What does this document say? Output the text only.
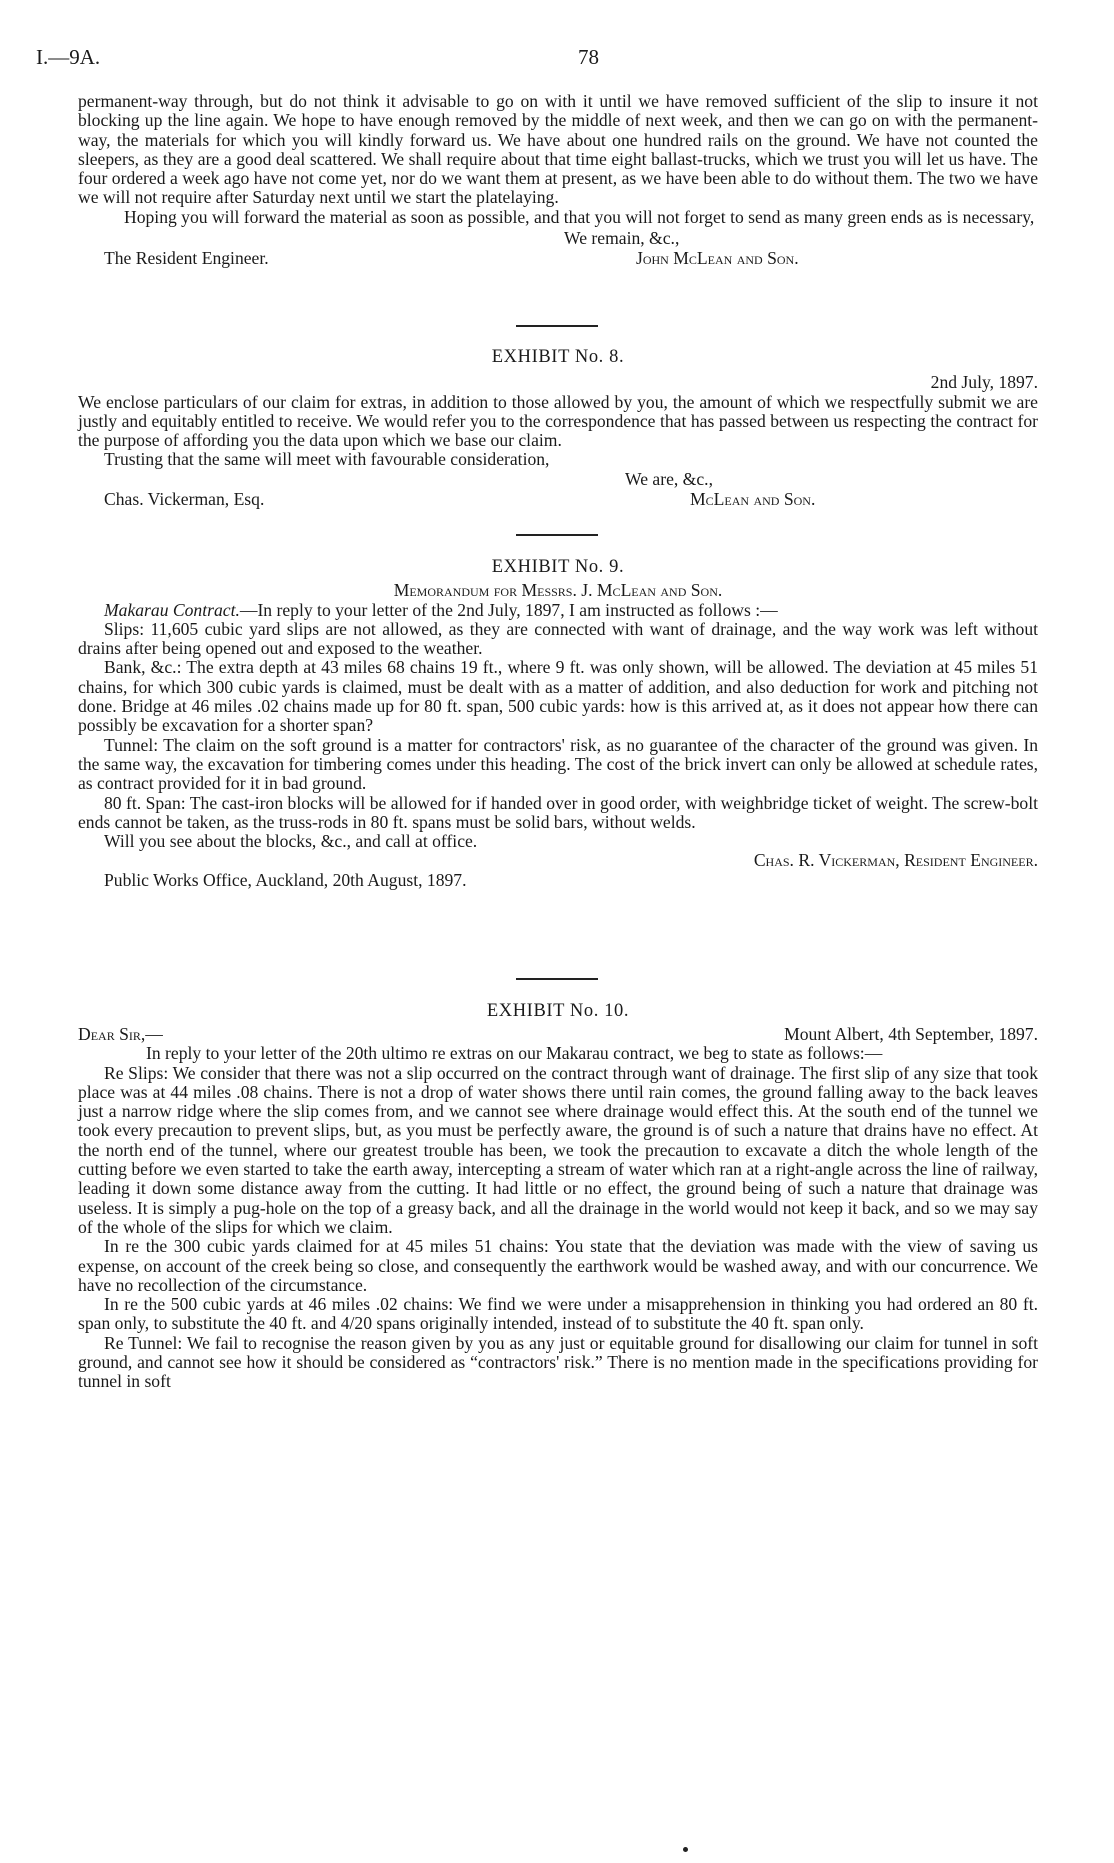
I.—9A.	78

permanent-way through, but do not think it advisable to go on with it until we have removed sufficient of the slip to insure it not blocking up the line again. We hope to have enough removed by the middle of next week, and then we can go on with the permanent-way, the materials for which you will kindly forward us. We have about one hundred rails on the ground. We have not counted the sleepers, as they are a good deal scattered. We shall require about that time eight ballast-trucks, which we trust you will let us have. The four ordered a week ago have not come yet, nor do we want them at present, as we have been able to do without them. The two we have we will not require after Saturday next until we start the platelaying.

Hoping you will forward the material as soon as possible, and that you will not forget to send as many green ends as is necessary,

We remain, &c.,
The Resident Engineer.	John McLean and Son.

EXHIBIT No. 8.

2nd July, 1897.

We enclose particulars of our claim for extras, in addition to those allowed by you, the amount of which we respectfully submit we are justly and equitably entitled to receive. We would refer you to the correspondence that has passed between us respecting the contract for the purpose of affording you the data upon which we base our claim.

Trusting that the same will meet with favourable consideration,

We are, &c.,
Chas. Vickerman, Esq.	McLean and Son.

EXHIBIT No. 9.

Memorandum for Messrs. J. McLean and Son.

Makarau Contract.—In reply to your letter of the 2nd July, 1897, I am instructed as follows :—

Slips: 11,605 cubic yard slips are not allowed, as they are connected with want of drainage, and the way work was left without drains after being opened out and exposed to the weather.

Bank, &c.: The extra depth at 43 miles 68 chains 19 ft., where 9 ft. was only shown, will be allowed. The deviation at 45 miles 51 chains, for which 300 cubic yards is claimed, must be dealt with as a matter of addition, and also deduction for work and pitching not done. Bridge at 46 miles .02 chains made up for 80 ft. span, 500 cubic yards: how is this arrived at, as it does not appear how there can possibly be excavation for a shorter span?

Tunnel: The claim on the soft ground is a matter for contractors' risk, as no guarantee of the character of the ground was given. In the same way, the excavation for timbering comes under this heading. The cost of the brick invert can only be allowed at schedule rates, as contract provided for it in bad ground.

80 ft. Span: The cast-iron blocks will be allowed for if handed over in good order, with weighbridge ticket of weight. The screw-bolt ends cannot be taken, as the truss-rods in 80 ft. spans must be solid bars, without welds.

Will you see about the blocks, &c., and call at office.

Chas. R. Vickerman, Resident Engineer.
Public Works Office, Auckland, 20th August, 1897.

EXHIBIT No. 10.

Dear Sir,—	Mount Albert, 4th September, 1897.

In reply to your letter of the 20th ultimo re extras on our Makarau contract, we beg to state as follows:—

Re Slips: We consider that there was not a slip occurred on the contract through want of drainage. The first slip of any size that took place was at 44 miles .08 chains. There is not a drop of water shows there until rain comes, the ground falling away to the back leaves just a narrow ridge where the slip comes from, and we cannot see where drainage would effect this. At the south end of the tunnel we took every precaution to prevent slips, but, as you must be perfectly aware, the ground is of such a nature that drains have no effect. At the north end of the tunnel, where our greatest trouble has been, we took the precaution to excavate a ditch the whole length of the cutting before we even started to take the earth away, intercepting a stream of water which ran at a right-angle across the line of railway, leading it down some distance away from the cutting. It had little or no effect, the ground being of such a nature that drainage was useless. It is simply a pug-hole on the top of a greasy back, and all the drainage in the world would not keep it back, and so we may say of the whole of the slips for which we claim.

In re the 300 cubic yards claimed for at 45 miles 51 chains: You state that the deviation was made with the view of saving us expense, on account of the creek being so close, and consequently the earthwork would be washed away, and with our concurrence. We have no recollection of the circumstance.

In re the 500 cubic yards at 46 miles .02 chains: We find we were under a misapprehension in thinking you had ordered an 80 ft. span only, to substitute the 40 ft. and 4/20 spans originally intended, instead of to substitute the 40 ft. span only.

Re Tunnel: We fail to recognise the reason given by you as any just or equitable ground for disallowing our claim for tunnel in soft ground, and cannot see how it should be considered as “contractors' risk.” There is no mention made in the specifications providing for tunnel in soft
